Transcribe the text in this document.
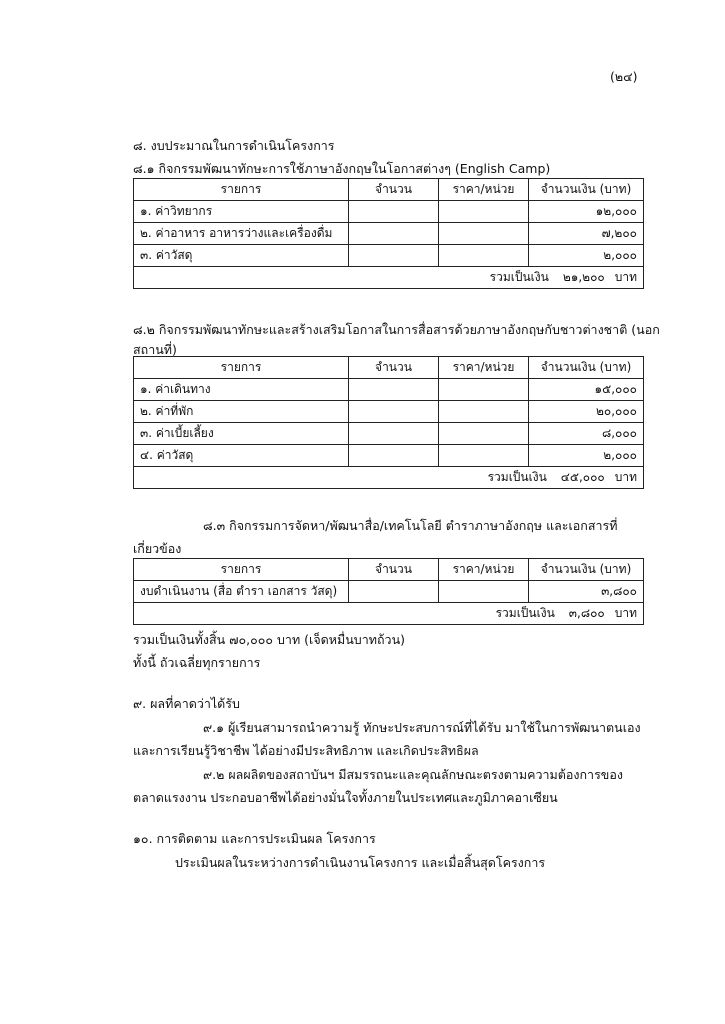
(๒๔)
๘. งบประมาณในการดำเนินโครงการ
๘.๑ กิจกรรมพัฒนาทักษะการใช้ภาษาอังกฤษในโอกาสต่างๆ (English Camp)
รายการ	จำนวน	ราคา/หน่วย	จำนวนเงิน (บาท)
๑. ค่าวิทยากร			๑๒,๐๐๐
๒. ค่าอาหาร อาหารว่างและเครื่องดื่ม			๗,๒๐๐
๓. ค่าวัสดุ			๒,๐๐๐
รวมเป็นเงิน ๒๑,๒๐๐ บาท			
๘.๒ กิจกรรมพัฒนาทักษะและสร้างเสริมโอกาสในการสื่อสารด้วยภาษาอังกฤษกับชาวต่างชาติ (นอก
สถานที่)
รายการ	จำนวน	ราคา/หน่วย	จำนวนเงิน (บาท)
๑. ค่าเดินทาง			๑๕,๐๐๐
๒. ค่าที่พัก			๒๐,๐๐๐
๓. ค่าเบี้ยเลี้ยง			๘,๐๐๐
๔. ค่าวัสดุ			๒,๐๐๐
รวมเป็นเงิน ๔๕,๐๐๐ บาท			
๘.๓ กิจกรรมการจัดหา/พัฒนาสื่อ/เทคโนโลยี ตำราภาษาอังกฤษ และเอกสารที่
เกี่ยวข้อง
รายการ	จำนวน	ราคา/หน่วย	จำนวนเงิน (บาท)
งบดำเนินงาน (สื่อ ตำรา เอกสาร วัสดุ)			๓,๘๐๐
รวมเป็นเงิน ๓,๘๐๐ บาท			
รวมเป็นเงินทั้งสิ้น ๗๐,๐๐๐ บาท (เจ็ดหมื่นบาทถ้วน)
ทั้งนี้ ถัวเฉลี่ยทุกรายการ
๙. ผลที่คาดว่าได้รับ
๙.๑ ผู้เรียนสามารถนำความรู้ ทักษะประสบการณ์ที่ได้รับ มาใช้ในการพัฒนาตนเอง
และการเรียนรู้วิชาชีพ ได้อย่างมีประสิทธิภาพ และเกิดประสิทธิผล
๙.๒ ผลผลิตของสถาบันฯ มีสมรรถนะและคุณลักษณะตรงตามความต้องการของ
ตลาดแรงงาน ประกอบอาชีพได้อย่างมั่นใจทั้งภายในประเทศและภูมิภาคอาเซียน
๑๐. การติดตาม และการประเมินผล โครงการ
ประเมินผลในระหว่างการดำเนินงานโครงการ และเมื่อสิ้นสุดโครงการ
